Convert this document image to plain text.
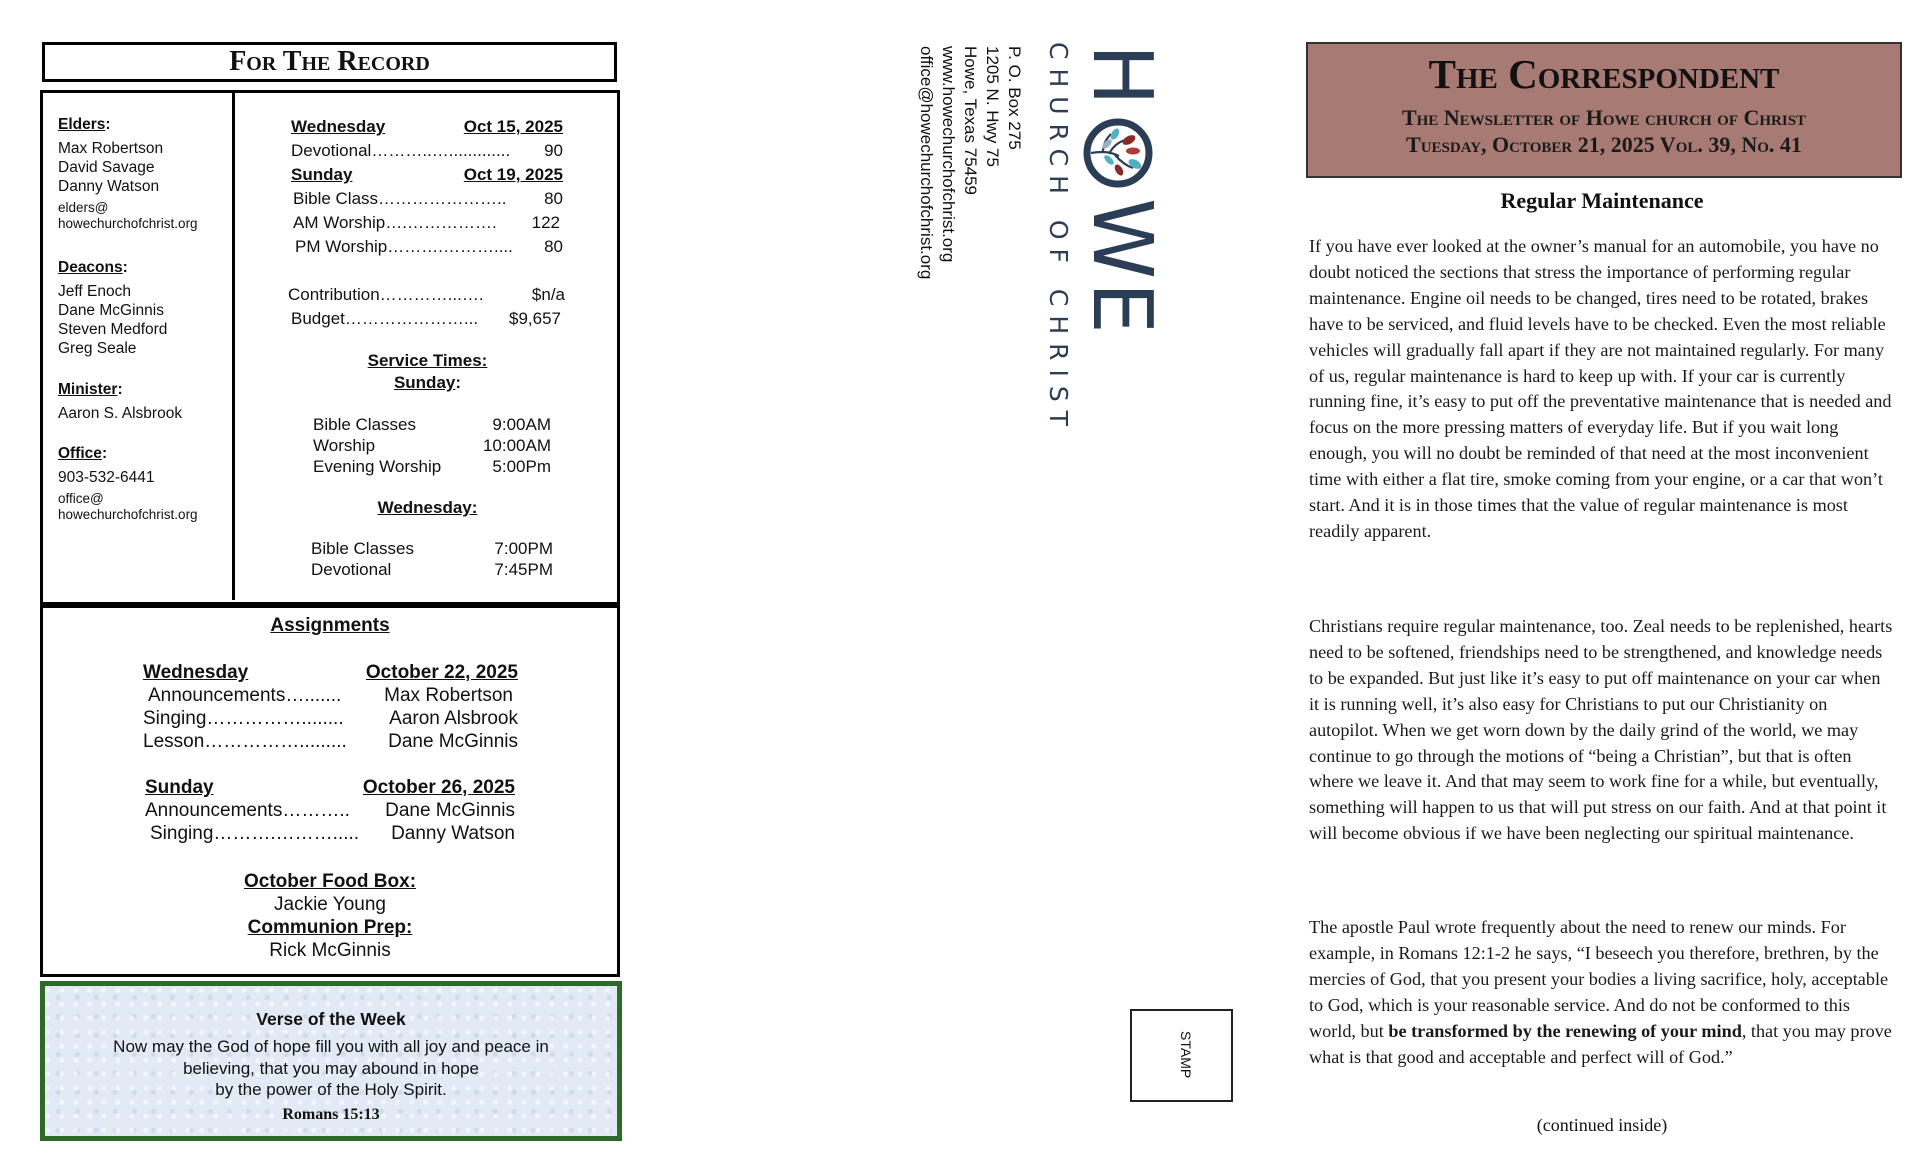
For The Record
Elders:
Max Robertson
David Savage
Danny Watson
elders@
howechurchofchrist.org
Deacons:
Jeff Enoch
Dane McGinnis
Steven Medford
Greg Seale
Minister:
Aaron S. Alsbrook
Office:
903-532-6441
office@
howechurchofchrist.org
Wednesday	Oct 15, 2025
Devotional………..…............. 90
Sunday	Oct 19, 2025
Bible Class………………….. 80
AM Worship….……………. 122
PM Worship……….……….... 80
Contribution…………...….	$n/a
Budget…………………... $9,657
Service Times:
Sunday:
Bible Classes	9:00AM
Worship	10:00AM
Evening Worship	5:00Pm
Wednesday:
Bible Classes	7:00PM
Devotional	7:45PM
Assignments
Wednesday	October 22, 2025
Announcements…....... Max Robertson
Singing……………........ Aaron Alsbrook
Lesson……………......... Dane McGinnis
Sunday	October 26, 2025
Announcements……….. Dane McGinnis
Singing……….………..... Danny Watson
October Food Box:
Jackie Young
Communion Prep:
Rick McGinnis
Verse of the Week
Now may the God of hope fill you with all joy and peace in
believing, that you may abound in hope
by the power of the Holy Spirit.
Romans 15:13
H
W
E
CHURCH OF CHRIST
P. O. Box 275
1205 N. Hwy 75
Howe, Texas 75459
www.howechurchofchrist.org
office@howechurchofchrist.org
STAMP
The Correspondent
The Newsletter of Howe church of Christ
Tuesday, October 21, 2025 Vol. 39, No. 41
Regular Maintenance
If you have ever looked at the owner’s manual for an automobile, you have no doubt noticed the sections that stress the importance of performing regular maintenance. Engine oil needs to be changed, tires need to be rotated, brakes have to be serviced, and fluid levels have to be checked. Even the most reliable vehicles will gradually fall apart if they are not maintained regularly. For many of us, regular maintenance is hard to keep up with. If your car is currently running fine, it’s easy to put off the preventative maintenance that is needed and focus on the more pressing matters of everyday life. But if you wait long enough, you will no doubt be reminded of that need at the most inconvenient time with either a flat tire, smoke coming from your engine, or a car that won’t start. And it is in those times that the value of regular maintenance is most readily apparent.
Christians require regular maintenance, too. Zeal needs to be replenished, hearts need to be softened, friendships need to be strengthened, and knowledge needs to be expanded. But just like it’s easy to put off maintenance on your car when it is running well, it’s also easy for Christians to put our Christianity on autopilot. When we get worn down by the daily grind of the world, we may continue to go through the motions of “being a Christian”, but that is often where we leave it. And that may seem to work fine for a while, but eventually, something will happen to us that will put stress on our faith. And at that point it will become obvious if we have been neglecting our spiritual maintenance.
The apostle Paul wrote frequently about the need to renew our minds. For example, in Romans 12:1-2 he says, “I beseech you therefore, brethren, by the mercies of God, that you present your bodies a living sacrifice, holy, acceptable to God, which is your reasonable service. And do not be conformed to this world, but be transformed by the renewing of your mind, that you may prove what is that good and acceptable and perfect will of God.”
(continued inside)
